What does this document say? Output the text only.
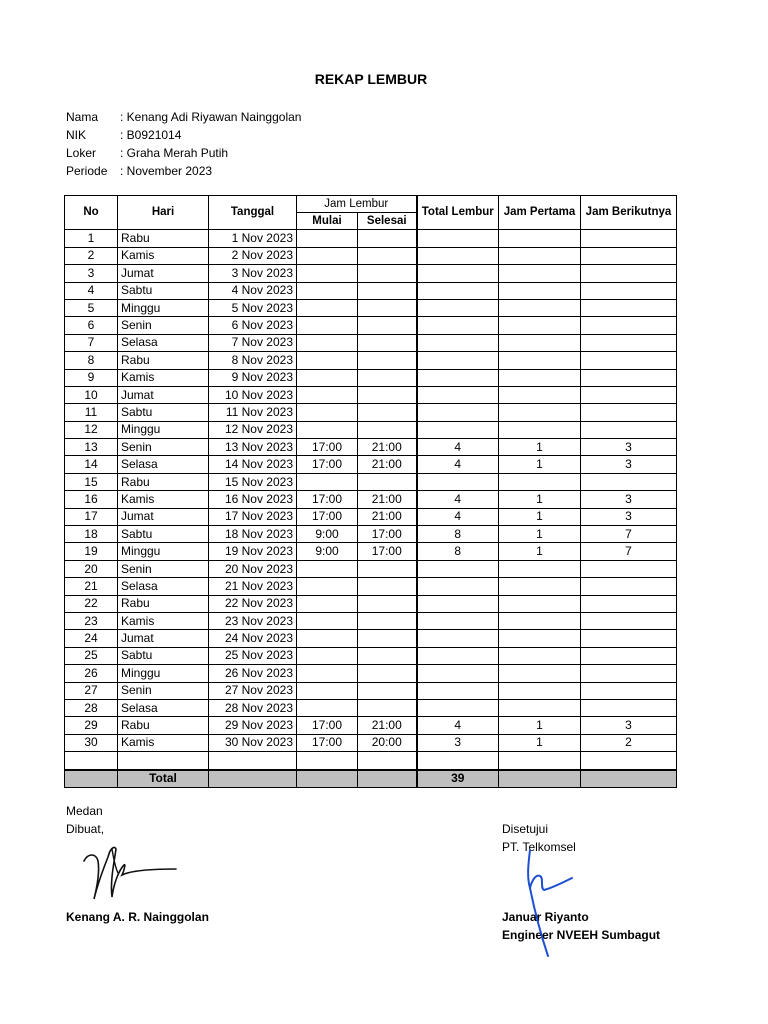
REKAP LEMBUR
Nama	: Kenang Adi Riyawan Nainggolan
NIK	: B0921014
Loker	: Graha Merah Putih
Periode	: November 2023
No	Hari	Tanggal	Jam Lembur		Total Lembur	Jam Pertama	Jam Berikutnya
			Mulai	Selesai			
1	Rabu	1 Nov 2023					
2	Kamis	2 Nov 2023					
3	Jumat	3 Nov 2023					
4	Sabtu	4 Nov 2023					
5	Minggu	5 Nov 2023					
6	Senin	6 Nov 2023					
7	Selasa	7 Nov 2023					
8	Rabu	8 Nov 2023					
9	Kamis	9 Nov 2023					
10	Jumat	10 Nov 2023					
11	Sabtu	11 Nov 2023					
12	Minggu	12 Nov 2023					
13	Senin	13 Nov 2023	17:00	21:00	4	1	3
14	Selasa	14 Nov 2023	17:00	21:00	4	1	3
15	Rabu	15 Nov 2023					
16	Kamis	16 Nov 2023	17:00	21:00	4	1	3
17	Jumat	17 Nov 2023	17:00	21:00	4	1	3
18	Sabtu	18 Nov 2023	9:00	17:00	8	1	7
19	Minggu	19 Nov 2023	9:00	17:00	8	1	7
20	Senin	20 Nov 2023					
21	Selasa	21 Nov 2023					
22	Rabu	22 Nov 2023					
23	Kamis	23 Nov 2023					
24	Jumat	24 Nov 2023					
25	Sabtu	25 Nov 2023					
26	Minggu	26 Nov 2023					
27	Senin	27 Nov 2023					
28	Selasa	28 Nov 2023					
29	Rabu	29 Nov 2023	17:00	21:00	4	1	3
30	Kamis	30 Nov 2023	17:00	20:00	3	1	2

	Total				39		
Medan
Dibuat,
Kenang A. R. Nainggolan
Disetujui
PT. Telkomsel
Januar Riyanto
Engineer NVEEH Sumbagut
